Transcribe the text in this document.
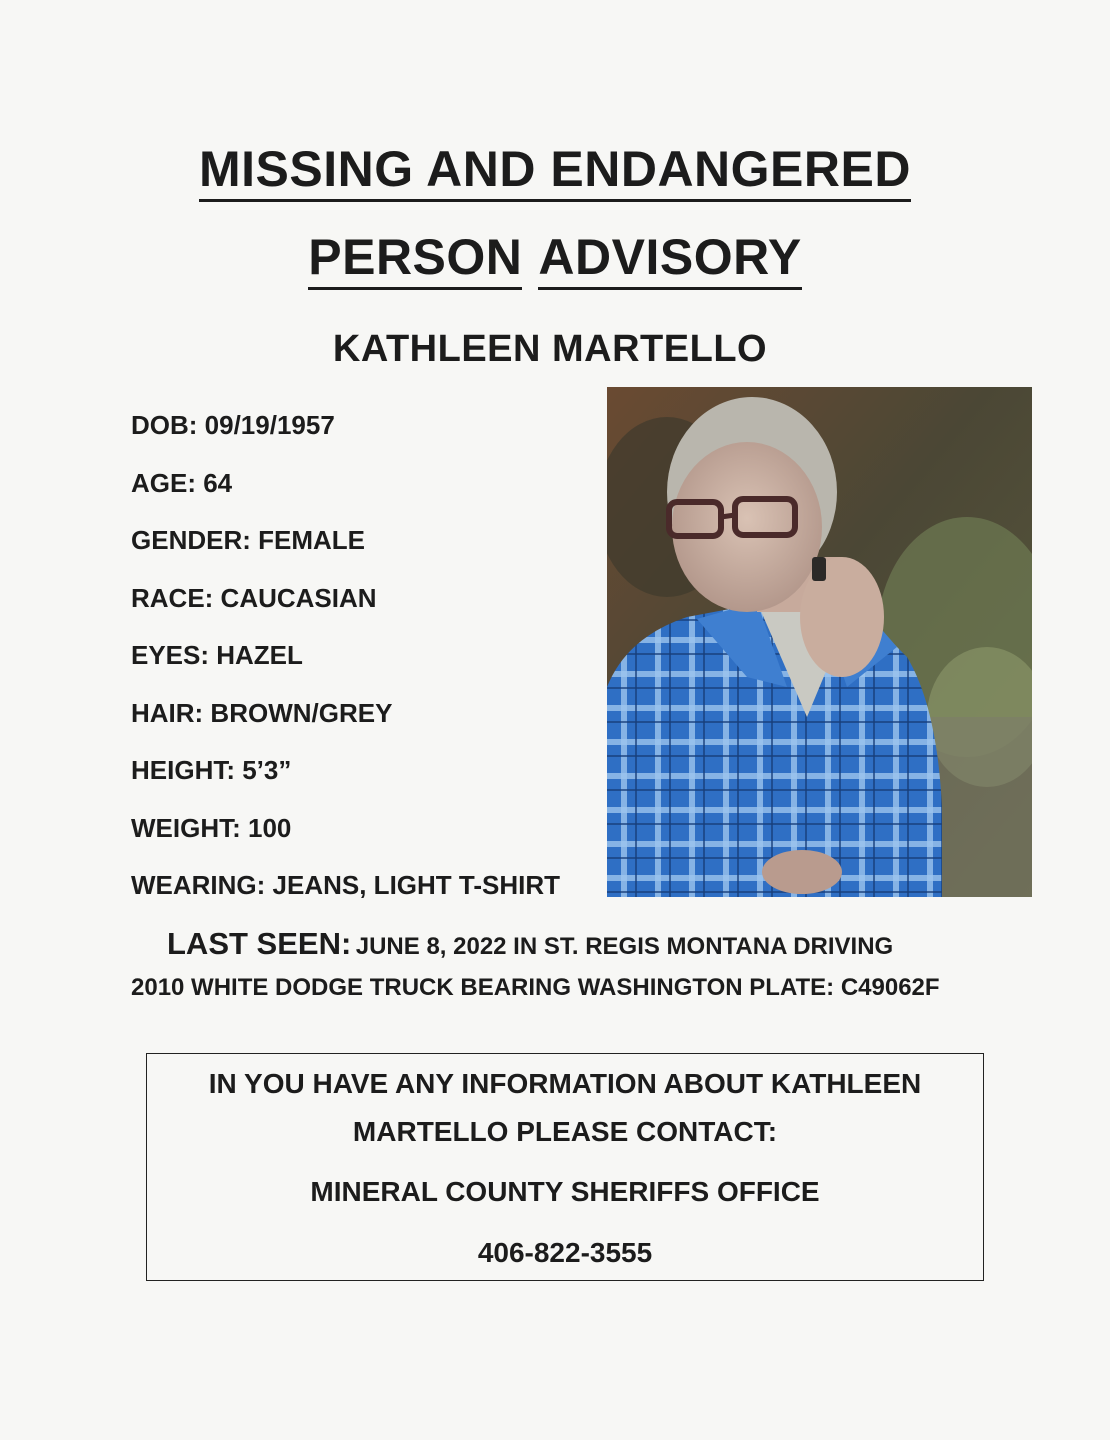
MISSING AND ENDANGERED
PERSON ADVISORY
KATHLEEN MARTELLO
DOB: 09/19/1957
AGE: 64
GENDER: FEMALE
RACE: CAUCASIAN
EYES: HAZEL
HAIR: BROWN/GREY
HEIGHT: 5’3”
WEIGHT: 100
WEARING: JEANS, LIGHT T-SHIRT
LAST SEEN: JUNE 8, 2022 IN ST. REGIS MONTANA DRIVING
2010 WHITE DODGE TRUCK BEARING WASHINGTON PLATE: C49062F
IN YOU HAVE ANY INFORMATION ABOUT KATHLEEN
MARTELLO PLEASE CONTACT:
MINERAL COUNTY SHERIFFS OFFICE
406-822-3555
